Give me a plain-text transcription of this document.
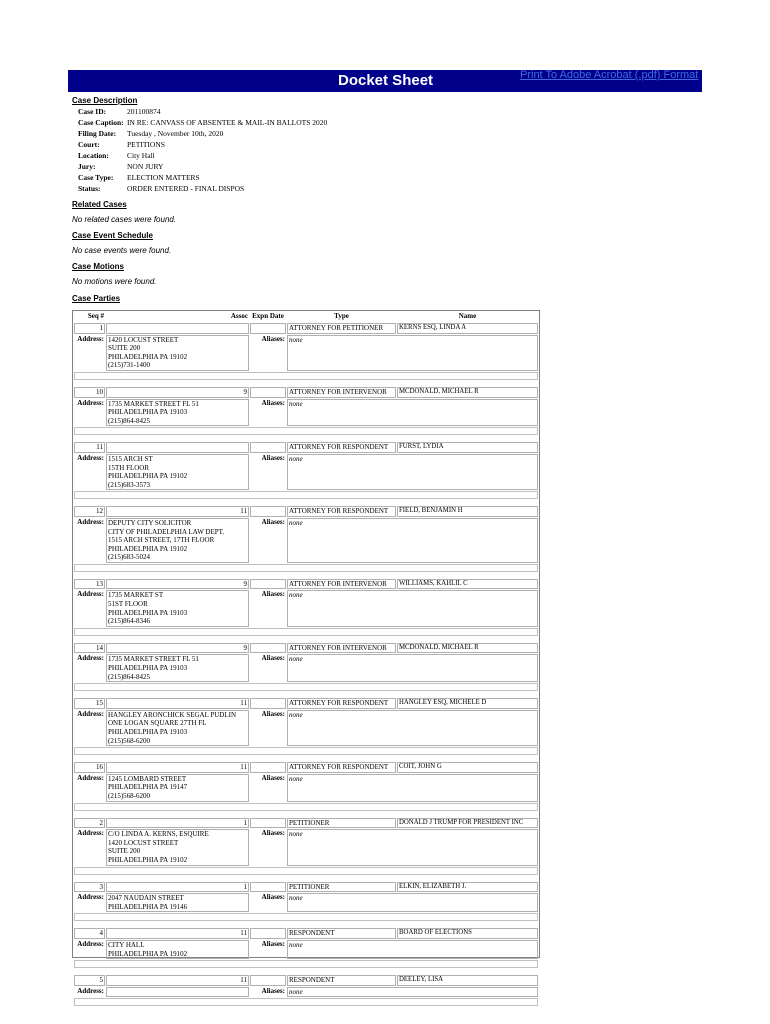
Docket Sheet	Print To Adobe Acrobat (.pdf) Format
Case Description
Case ID:	201100874
Case Caption: IN RE: CANVASS OF ABSENTEE & MAIL-IN BALLOTS 2020
Filing Date:	Tuesday , November 10th, 2020
Court:	PETITIONS
Location:	City Hall
Jury:	NON JURY
Case Type:	ELECTION MATTERS
Status:	ORDER ENTERED - FINAL DISPOS
Related Cases
No related cases were found.
Case Event Schedule
No case events were found.
Case Motions
No motions were found.
Case Parties
Seq #	Assoc	Expn Date	Type	Name
1			ATTORNEY FOR PETITIONER	KERNS ESQ, LINDA A
Address:	1420 LOCUST STREET
SUITE 200
PHILADELPHIA PA 19102
(215)731-1400	Aliases:	none	

10	9		ATTORNEY FOR INTERVENOR	MCDONALD, MICHAEL R
Address:	1735 MARKET STREET FL 51
PHILADELPHIA PA 19103
(215)864-8425	Aliases:	none	

11			ATTORNEY FOR RESPONDENT	FURST, LYDIA
Address:	1515 ARCH ST
15TH FLOOR
PHILADELPHIA PA 19102
(215)683-3573	Aliases:	none	

12	11		ATTORNEY FOR RESPONDENT	FIELD, BENJAMIN H
Address:	DEPUTY CITY SOLICITOR
CITY OF PHILADELPHIA LAW DEPT.
1515 ARCH STREET, 17TH FLOOR
PHILADELPHIA PA 19102
(215)683-5024	Aliases:	none	

13	9		ATTORNEY FOR INTERVENOR	WILLIAMS, KAHLIL C
Address:	1735 MARKET ST
51ST FLOOR
PHILADELPHIA PA 19103
(215)864-8346	Aliases:	none	

14	9		ATTORNEY FOR INTERVENOR	MCDONALD, MICHAEL R
Address:	1735 MARKET STREET FL 51
PHILADELPHIA PA 19103
(215)864-8425	Aliases:	none	

15	11		ATTORNEY FOR RESPONDENT	HANGLEY ESQ, MICHELE D
Address:	HANGLEY ARONCHICK SEGAL PUDLIN
ONE LOGAN SQUARE 27TH FL
PHILADELPHIA PA 19103
(215)568-6200	Aliases:	none	

16	11		ATTORNEY FOR RESPONDENT	COIT, JOHN G
Address:	1245 LOMBARD STREET
PHILADELPHIA PA 19147
(215)568-6200	Aliases:	none	

2	1		PETITIONER	DONALD J TRUMP FOR PRESIDENT INC
Address:	C/O LINDA A. KERNS, ESQUIRE
1420 LOCUST STREET
SUITE 200
PHILADELPHIA PA 19102	Aliases:	none	

3	1		PETITIONER	ELKIN, ELIZABETH J.
Address:	2047 NAUDAIN STREET
PHILADELPHIA PA 19146	Aliases:	none	

4	11		RESPONDENT	BOARD OF ELECTIONS
Address:	CITY HALL
PHILADELPHIA PA 19102	Aliases:	none	

5	11		RESPONDENT	DEELEY, LISA
Address:		Aliases:	none	
